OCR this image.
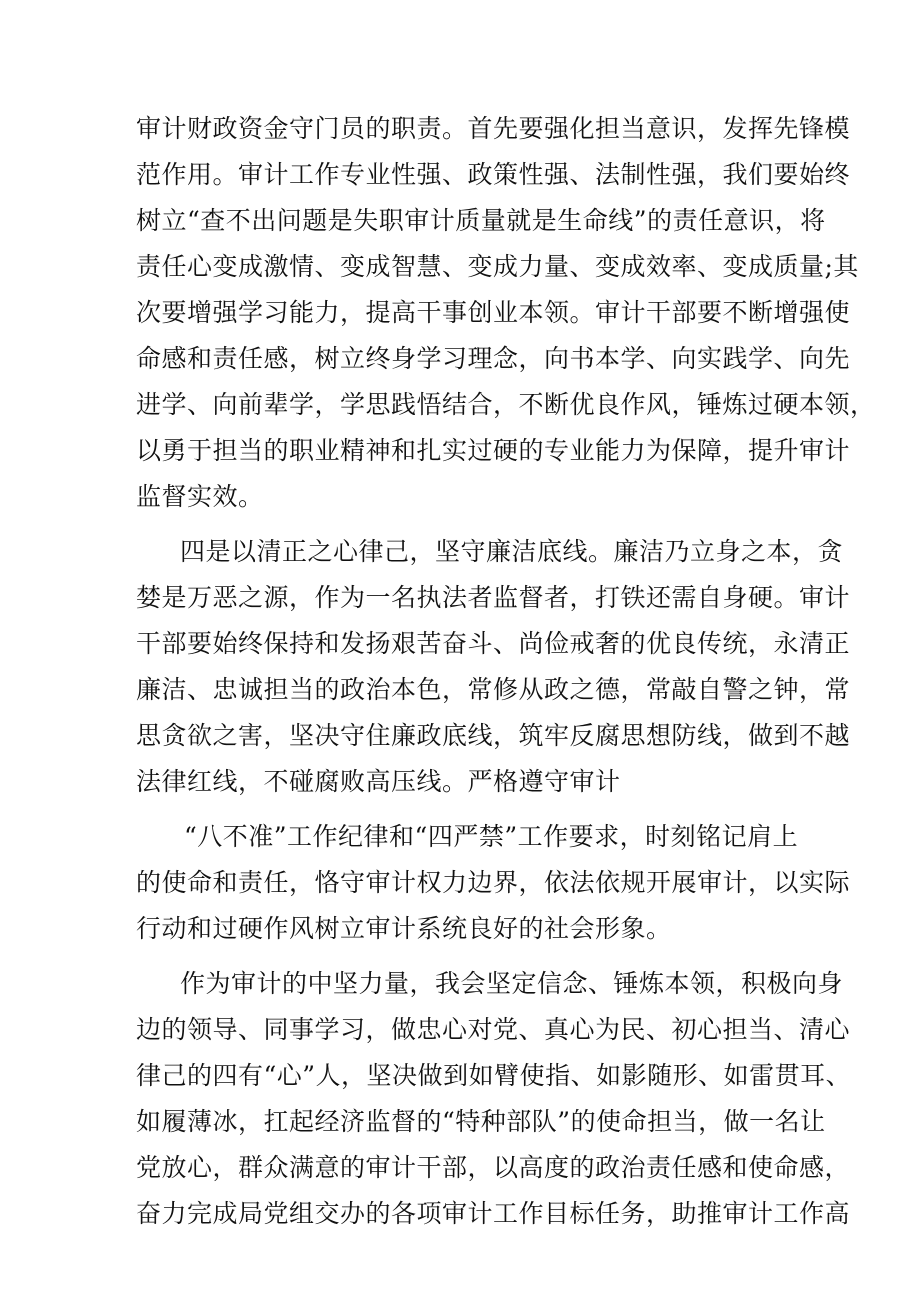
审计财政资金守门员的职责。首先要强化担当意识，发挥先锋模
范作用。审计工作专业性强、政策性强、法制性强，我们要始终
树立“查不出问题是失职审计质量就是生命线”的责任意识，将
责任心变成激情、变成智慧、变成力量、变成效率、变成质量;其
次要增强学习能力，提高干事创业本领。审计干部要不断增强使
命感和责任感，树立终身学习理念，向书本学、向实践学、向先
进学、向前辈学，学思践悟结合，不断优良作风，锤炼过硬本领，
以勇于担当的职业精神和扎实过硬的专业能力为保障，提升审计
监督实效。
四是以清正之心律己，坚守廉洁底线。廉洁乃立身之本，贪
婪是万恶之源，作为一名执法者监督者，打铁还需自身硬。审计
干部要始终保持和发扬艰苦奋斗、尚俭戒奢的优良传统，永清正
廉洁、忠诚担当的政治本色，常修从政之德，常敲自警之钟，常
思贪欲之害，坚决守住廉政底线，筑牢反腐思想防线，做到不越
法律红线，不碰腐败高压线。严格遵守审计
“八不准”工作纪律和“四严禁”工作要求，时刻铭记肩上
的使命和责任，恪守审计权力边界，依法依规开展审计，以实际
行动和过硬作风树立审计系统良好的社会形象。
作为审计的中坚力量，我会坚定信念、锤炼本领，积极向身
边的领导、同事学习，做忠心对党、真心为民、初心担当、清心
律己的四有“心”人，坚决做到如臂使指、如影随形、如雷贯耳、
如履薄冰，扛起经济监督的“特种部队”的使命担当，做一名让
党放心，群众满意的审计干部，以高度的政治责任感和使命感，
奋力完成局党组交办的各项审计工作目标任务，助推审计工作高
